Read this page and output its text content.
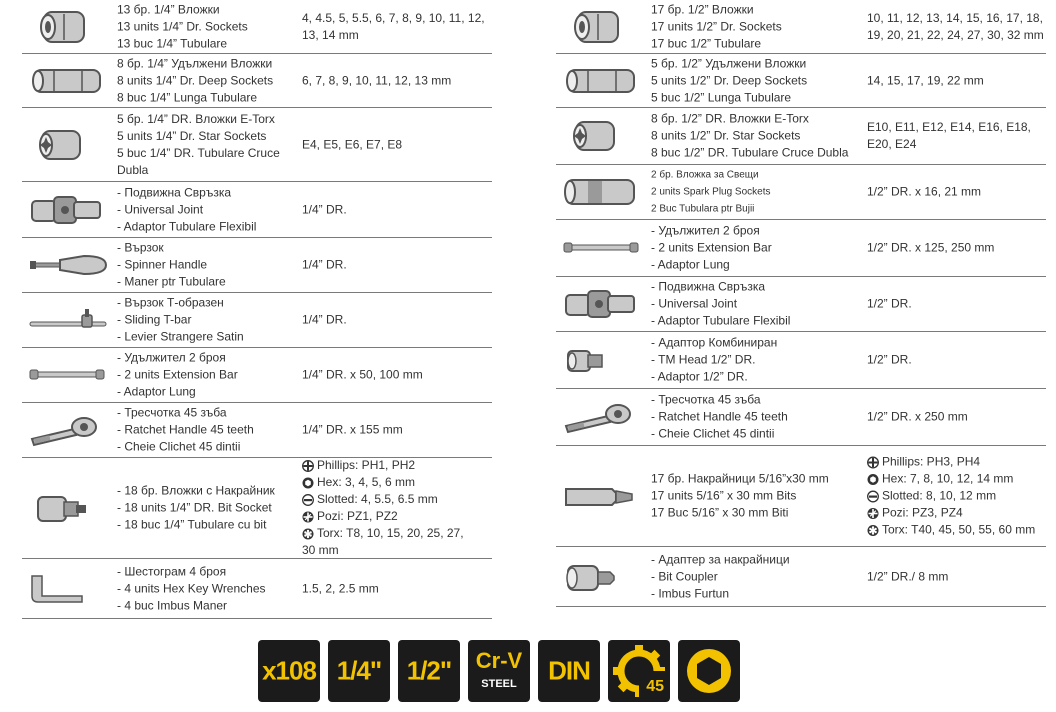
13 бр. 1/4” Вложки
13 units 1/4” Dr. Sockets
13 buc 1/4” Tubulare
4, 4.5, 5, 5.5, 6, 7, 8, 9, 10, 11, 12,
13, 14 mm
8 бр. 1/4” Удължени Вложки
8 units 1/4” Dr. Deep Sockets
8 buc 1/4” Lunga Tubulare
6, 7, 8, 9, 10, 11, 12, 13 mm
5 бр. 1/4” DR. Вложки E-Torx
5 units 1/4” Dr. Star Sockets
5 buc 1/4” DR. Tubulare Cruce
Dubla
E4, E5, E6, E7, E8
- Подвижна Свръзка
- Universal Joint
- Adaptor Tubulare Flexibil
1/4” DR.
- Вързок
- Spinner Handle
- Maner ptr Tubulare
1/4” DR.
- Вързок Т-образен
- Sliding T-bar
- Levier Strangere Satin
1/4” DR.
- Удължител 2 броя
- 2 units Extension Bar
- Adaptor Lung
1/4” DR. x 50, 100 mm
- Тресчотка 45 зъба
- Ratchet Handle 45 teeth
- Cheie Clichet 45 dintii
1/4” DR. x 155 mm
- 18 бр. Вложки с Накрайник
- 18 units 1/4” DR. Bit Socket
- 18 buc 1/4” Tubulare cu bit
Phillips: PH1, PH2
Hex: 3, 4, 5, 6 mm
Slotted: 4, 5.5, 6.5 mm
Pozi: PZ1, PZ2
Torx: T8, 10, 15, 20, 25, 27,
30 mm
- Шестограм 4 броя
- 4 units Hex Key Wrenches
- 4 buc Imbus Maner
1.5, 2, 2.5 mm
17 бр. 1/2” Вложки
17 units 1/2” Dr. Sockets
17 buc 1/2” Tubulare
10, 11, 12, 13, 14, 15, 16, 17, 18,
19, 20, 21, 22, 24, 27, 30, 32 mm
5 бр. 1/2” Удължени Вложки
5 units 1/2” Dr. Deep Sockets
5 buc 1/2” Lunga Tubulare
14, 15, 17, 19, 22 mm
8 бр. 1/2” DR. Вложки E-Torx
8 units 1/2” Dr. Star Sockets
8 buc 1/2” DR. Tubulare Cruce Dubla
E10, E11, E12, E14, E16, E18,
E20, E24
2 бр. Вложка за Свещи
2 units Spark Plug Sockets
2 Buc Tubulara ptr Bujii
1/2” DR. x 16, 21 mm
- Удължител 2 броя
- 2 units Extension Bar
- Adaptor Lung
1/2” DR. x 125, 250 mm
- Подвижна Свръзка
- Universal Joint
- Adaptor Tubulare Flexibil
1/2” DR.
- Адаптор Комбиниран
- TM Head 1/2” DR.
- Adaptor 1/2” DR.
1/2” DR.
- Тресчотка 45 зъба
- Ratchet Handle 45 teeth
- Cheie Clichet 45 dintii
1/2” DR. x 250 mm
17 бр. Накрайници 5/16”х30 mm
17 units 5/16” x 30 mm Bits
17 Buc 5/16” x 30 mm Biti
Phillips: PH3, PH4
Hex: 7, 8, 10, 12, 14 mm
Slotted: 8, 10, 12 mm
Pozi: PZ3, PZ4
Torx: T40, 45, 50, 55, 60 mm
- Адаптер за накрайници
- Bit Coupler
- Imbus Furtun
1/2” DR./ 8 mm
x108 1/4" 1/2"	Cr-V
STEEL	DIN
45
